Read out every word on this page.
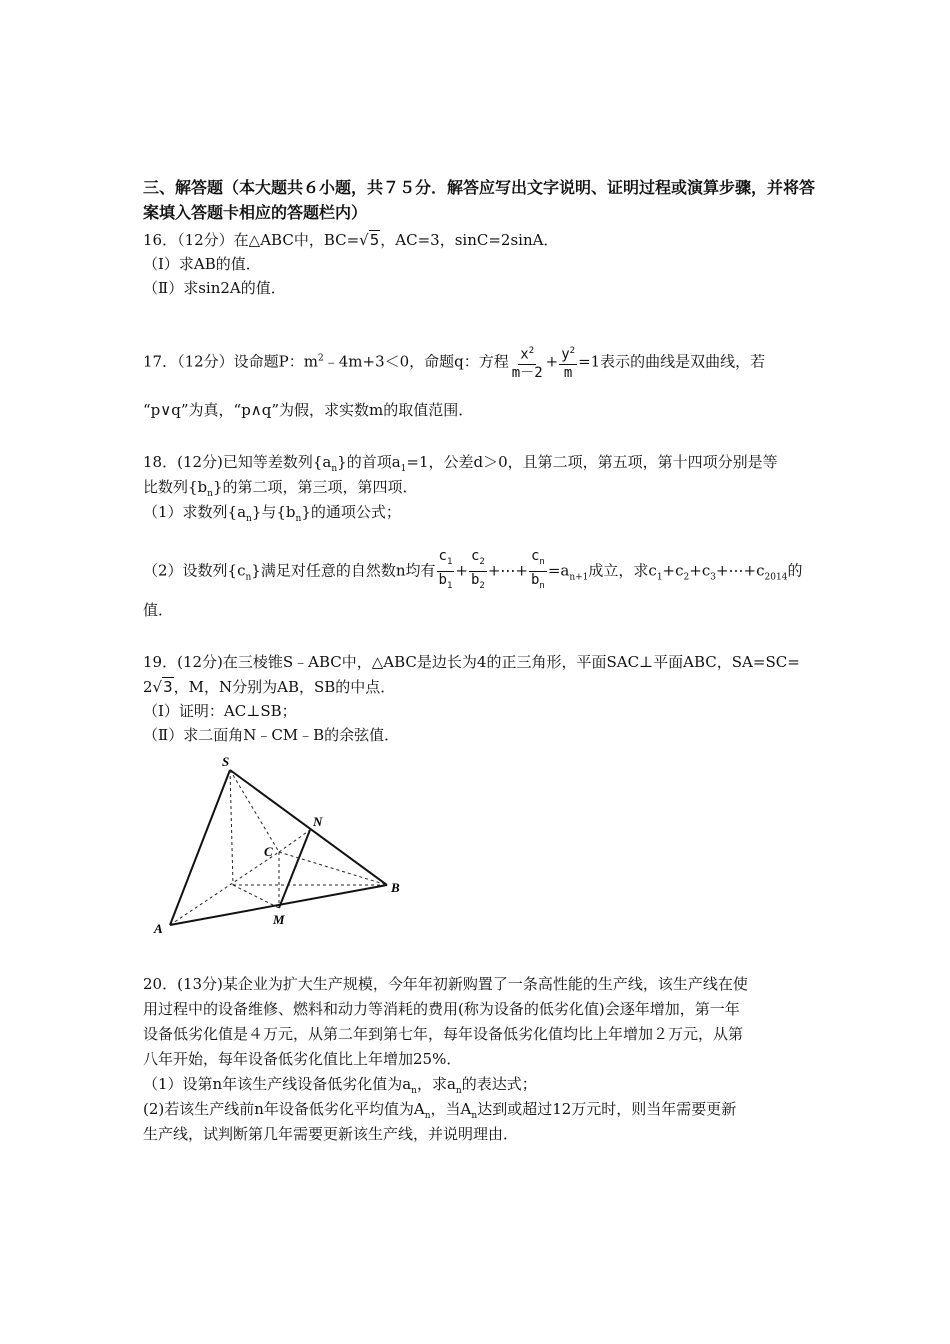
三、解答题（本大题共６小题，共７５分．解答应写出文字说明、证明过程或演算步骤，并将答
案填入答题卡相应的答题栏内）
16．（12分）在△ABC中，BC=√5，AC=3，sinC=2sinA．
（Ⅰ）求AB的值．
（Ⅱ）求sin2A的值．
17．（12分）设命题P：$m^2﹣4m+3<0$，命题q：方程 $\frac{x^2}{m-2} + \frac{y^2}{m} =1$表示的曲线是双曲线，若
“p∨q”为真，“p∧q”为假，求实数m的取值范围．
18．(12分)已知等差数列$\{a_n\}$的首项$a_1=1$，公差d＞0，且第二项，第五项，第十四项分别是等
比数列$\{b_n\}$的第二项，第三项，第四项．
（1）求数列$\{a_n\}$与$\{b_n\}$的通项公式；
（2）设数列$\{c_n\}$满足对任意的自然数n均有 $\frac{c_1}{b_1} + \frac{c_2}{b_2}$ +⋯+ $\frac{c_n}{b_n} =a_{n+1}$成立，求$c_1+c_2+c_3+\cdots+c_{2014}$的
值．
19．(12分)在三棱锥S﹣ABC中，△ABC是边长为4的正三角形，平面SAC⊥平面ABC，SA=SC=
2√3，M，N分别为AB，SB的中点．
（Ⅰ）证明：AC⊥SB；
（Ⅱ）求二面角N﹣CM﹣B的余弦值．
S
N
C
B
M
A
20．(13分)某企业为扩大生产规模，今年年初新购置了一条高性能的生产线，该生产线在使
用过程中的设备维修、燃料和动力等消耗的费用(称为设备的低劣化值)会逐年增加，第一年
设备低劣化值是４万元，从第二年到第七年，每年设备低劣化值均比上年增加２万元，从第
八年开始，每年设备低劣化值比上年增加25%．
（1）设第n年该生产线设备低劣化值为$a_n$，求$a_n$的表达式；
(2)若该生产线前n年设备低劣化平均值为$A_n$，当$A_n$达到或超过12万元时，则当年需要更新
生产线，试判断第几年需要更新该生产线，并说明理由．
